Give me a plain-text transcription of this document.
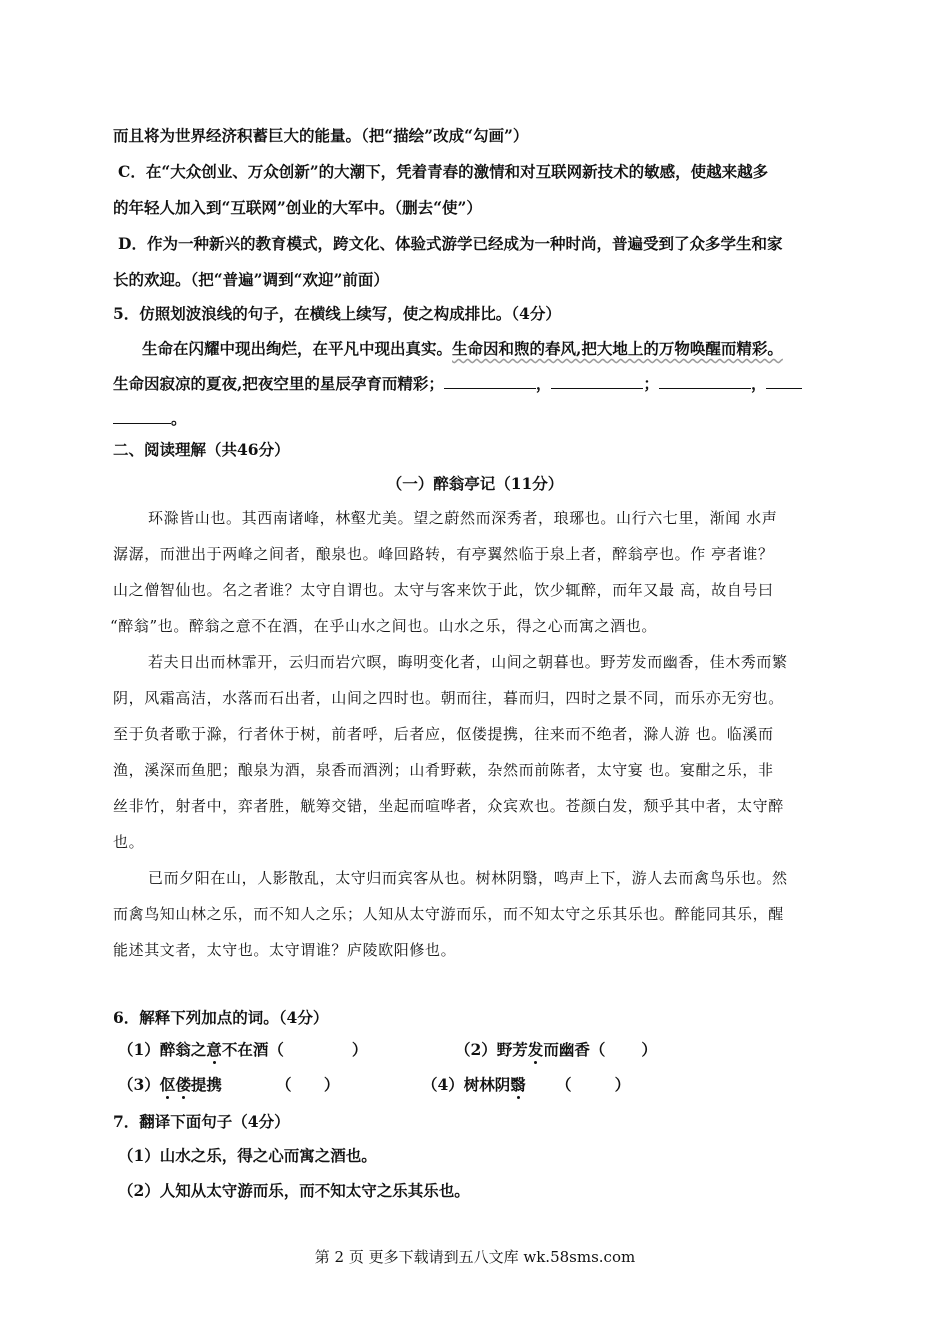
而且将为世界经济积蓄巨大的能量。（把“描绘”改成“勾画”）
C．在“大众创业、万众创新”的大潮下，凭着青春的激情和对互联网新技术的敏感，使越来越多
的年轻人加入到“互联网”创业的大军中。（删去“使”）
D．作为一种新兴的教育模式，跨文化、体验式游学已经成为一种时尚，普遍受到了众多学生和家
长的欢迎。（把“普遍”调到“欢迎”前面）
5．仿照划波浪线的句子，在横线上续写，使之构成排比。（4分）
生命在闪耀中现出绚烂，在平凡中现出真实。生命因和煦的春风,把大地上的万物唤醒而精彩。
生命因寂凉的夏夜,把夜空里的星辰孕育而精彩；	，	；	，
。
二、阅读理解（共46分）
（一）醉翁亭记（11分）
环滁皆山也。其西南诸峰，林壑尤美。望之蔚然而深秀者，琅琊也。山行六七里，渐闻 水声
潺潺，而泄出于两峰之间者，酿泉也。峰回路转，有亭翼然临于泉上者，醉翁亭也。作 亭者谁？
山之僧智仙也。名之者谁？太守自谓也。太守与客来饮于此，饮少辄醉，而年又最 高，故自号曰
“醉翁”也。醉翁之意不在酒，在乎山水之间也。山水之乐，得之心而寓之酒也。
若夫日出而林霏开，云归而岩穴暝，晦明变化者，山间之朝暮也。野芳发而幽香，佳木秀而繁
阴，风霜高洁，水落而石出者，山间之四时也。朝而往，暮而归，四时之景不同，而乐亦无穷也。
至于负者歌于滁，行者休于树，前者呼，后者应，伛偻提携，往来而不绝者，滁人游 也。临溪而
渔，溪深而鱼肥；酿泉为酒，泉香而酒洌；山肴野蔌，杂然而前陈者，太守宴 也。宴酣之乐，非
丝非竹，射者中，弈者胜，觥筹交错，坐起而喧哗者，众宾欢也。苍颜白发，颓乎其中者，太守醉
也。
已而夕阳在山，人影散乱，太守归而宾客从也。树林阴翳，鸣声上下，游人去而禽鸟乐也。然
而禽鸟知山林之乐，而不知人之乐；人知从太守游而乐，而不知太守之乐其乐也。醉能同其乐，醒
能述其文者，太守也。太守谓谁？庐陵欧阳修也。
6．解释下列加点的词。（4分）
（1）醉翁之意不在酒（	）	（2）野芳发而幽香（ ）
（3）伛偻提携	（      ）	（4）树林阴翳 （        ）
7．翻译下面句子（4分）
（1）山水之乐，得之心而寓之酒也。
（2）人知从太守游而乐，而不知太守之乐其乐也。
第 2 页 更多下载请到五八文库 wk.58sms.com
